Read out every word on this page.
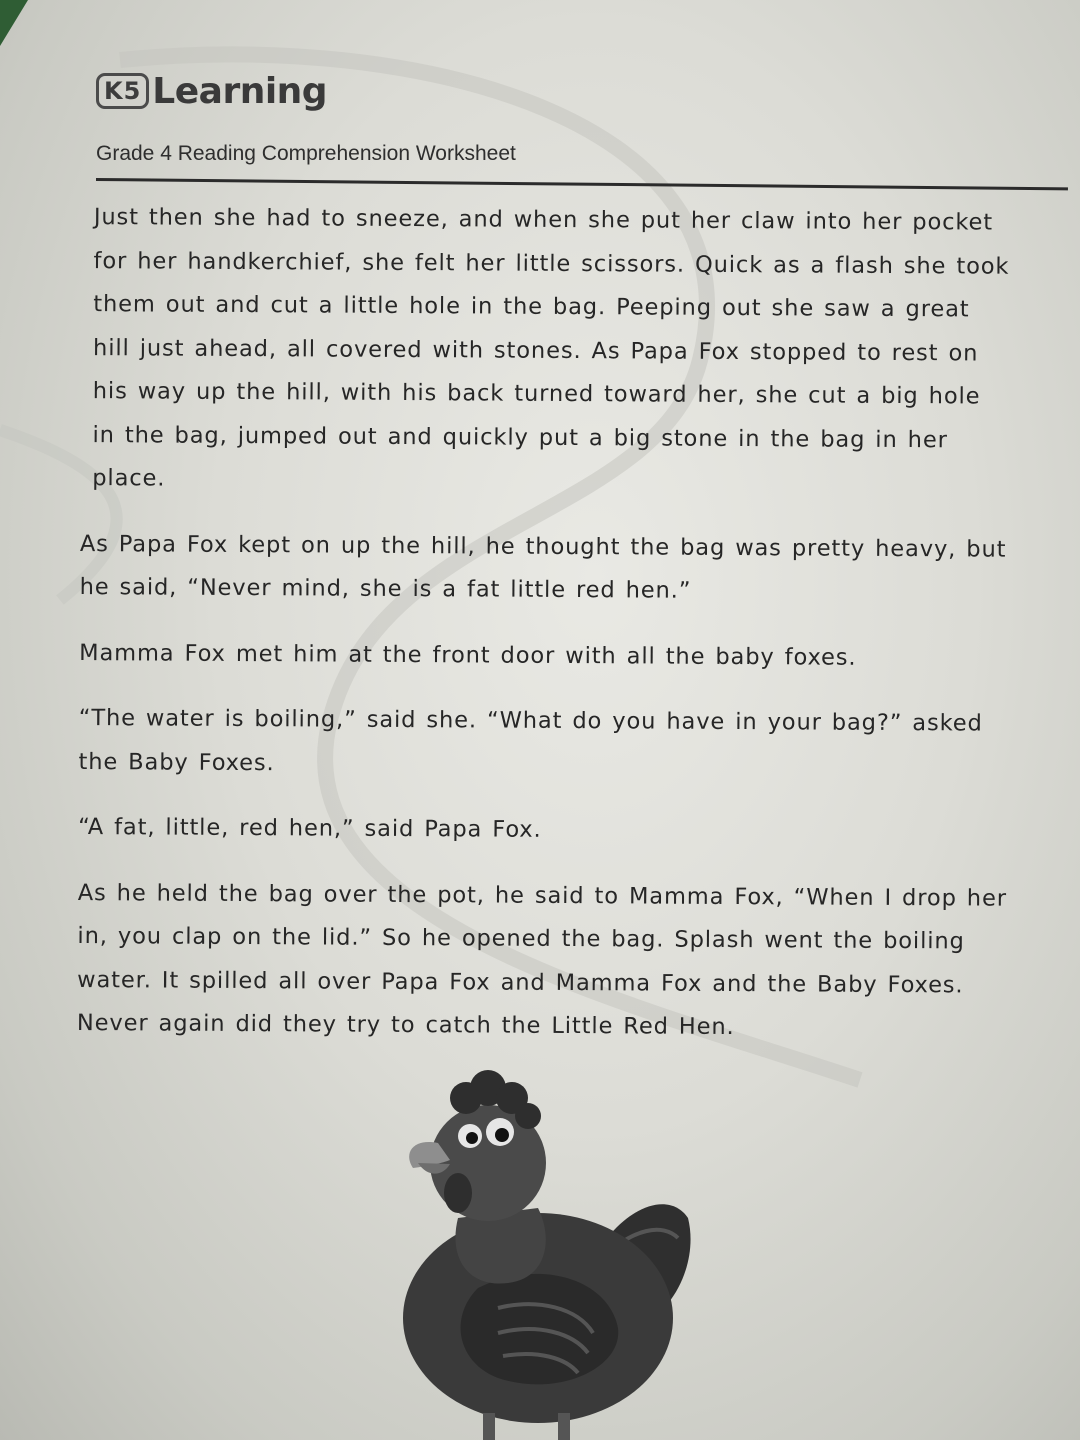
K5 Learning
Grade 4 Reading Comprehension Worksheet

Just then she had to sneeze, and when she put her claw into her pocket for her handkerchief, she felt her little scissors. Quick as a flash she took them out and cut a little hole in the bag. Peeping out she saw a great hill just ahead, all covered with stones. As Papa Fox stopped to rest on his way up the hill, with his back turned toward her, she cut a big hole in the bag, jumped out and quickly put a big stone in the bag in her place.

As Papa Fox kept on up the hill, he thought the bag was pretty heavy, but he said, “Never mind, she is a fat little red hen.”

Mamma Fox met him at the front door with all the baby foxes.

“The water is boiling,” said she. “What do you have in your bag?” asked the Baby Foxes.

“A fat, little, red hen,” said Papa Fox.

As he held the bag over the pot, he said to Mamma Fox, “When I drop her in, you clap on the lid.” So he opened the bag. Splash went the boiling water. It spilled all over Papa Fox and Mamma Fox and the Baby Foxes. Never again did they try to catch the Little Red Hen.
